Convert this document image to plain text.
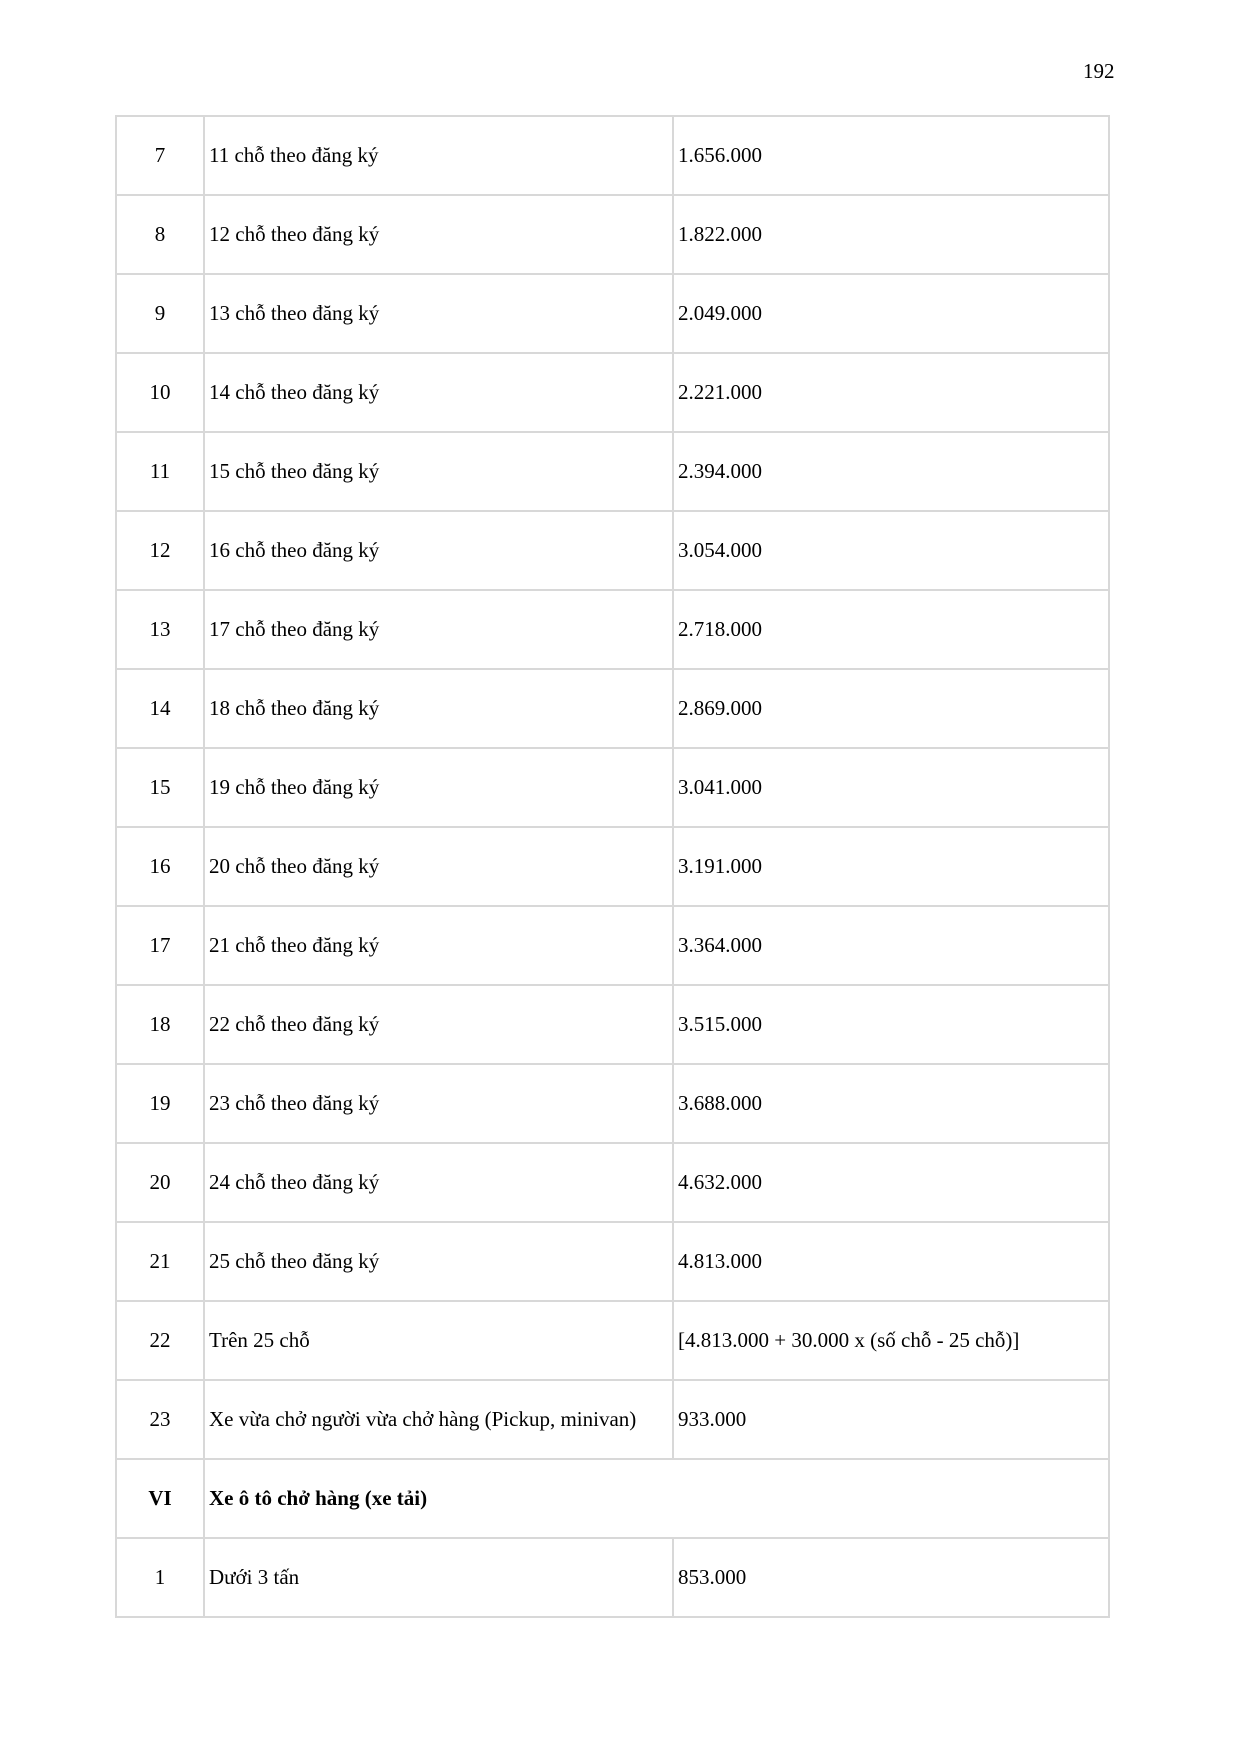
192
7	11 chỗ theo đăng ký	1.656.000
8	12 chỗ theo đăng ký	1.822.000
9	13 chỗ theo đăng ký	2.049.000
10	14 chỗ theo đăng ký	2.221.000
11	15 chỗ theo đăng ký	2.394.000
12	16 chỗ theo đăng ký	3.054.000
13	17 chỗ theo đăng ký	2.718.000
14	18 chỗ theo đăng ký	2.869.000
15	19 chỗ theo đăng ký	3.041.000
16	20 chỗ theo đăng ký	3.191.000
17	21 chỗ theo đăng ký	3.364.000
18	22 chỗ theo đăng ký	3.515.000
19	23 chỗ theo đăng ký	3.688.000
20	24 chỗ theo đăng ký	4.632.000
21	25 chỗ theo đăng ký	4.813.000
22	Trên 25 chỗ	[4.813.000 + 30.000 x (số chỗ - 25 chỗ)]
23	Xe vừa chở người vừa chở hàng (Pickup, minivan)	933.000
VI	Xe ô tô chở hàng (xe tải)	
1	Dưới 3 tấn	853.000
